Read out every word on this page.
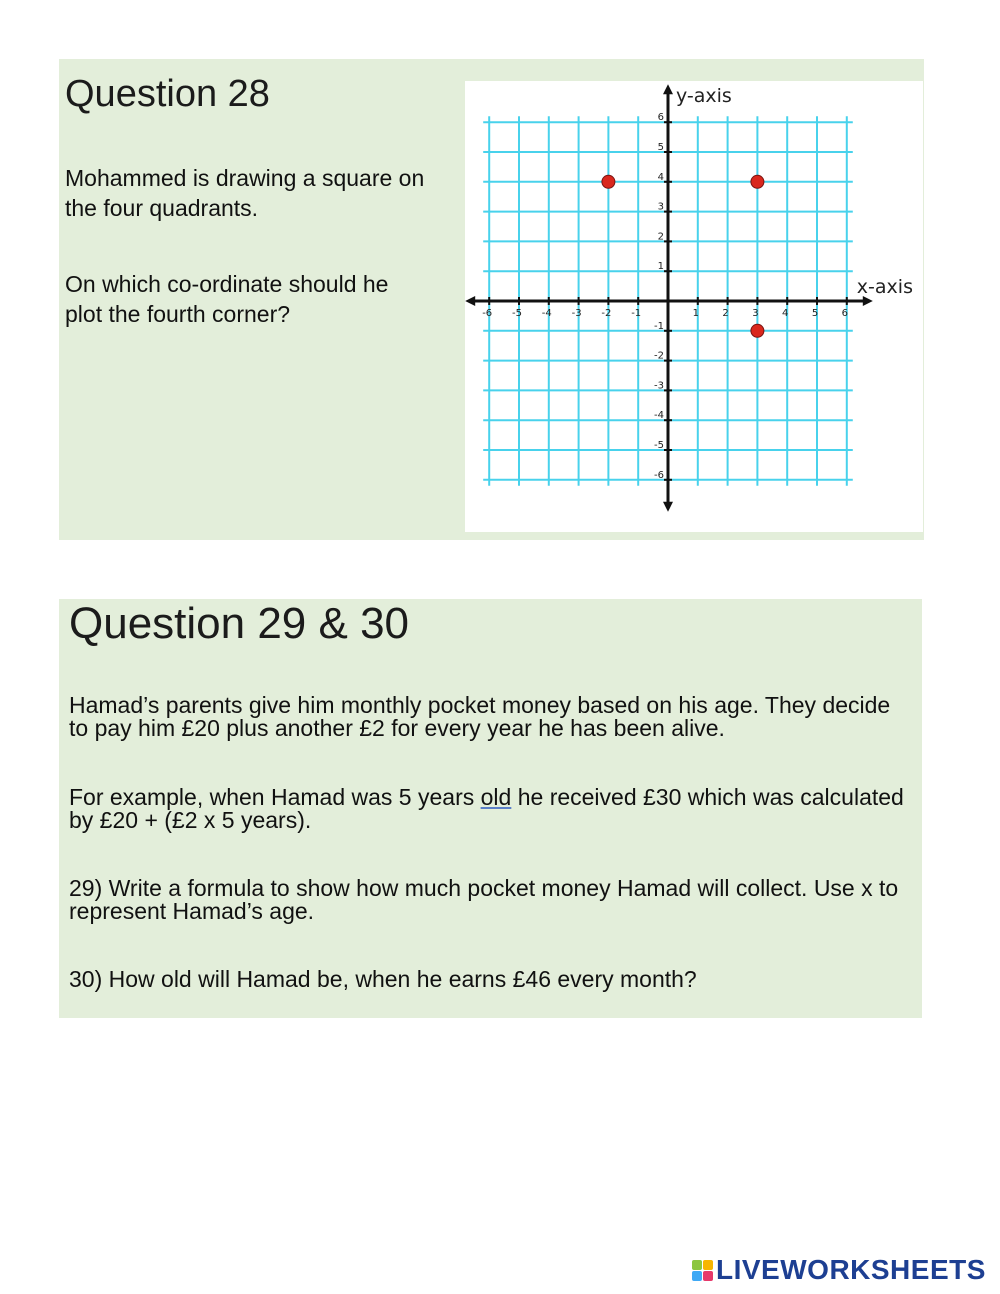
Question 28

Mohammed is drawing a square on the four quadrants.

On which co-ordinate should he plot the fourth corner?	-6 -5 -4 -3 -2 -1	1 2 3 4 5 6
6
5
4
3
2
1
-1
-2
-3
-4
-5
-6
x-axis
y-axis
Question 29 & 30

Hamad’s parents give him monthly pocket money based on his age. They decide to pay him £20 plus another £2 for every year he has been alive.

For example, when Hamad was 5 years old he received £30 which was calculated by £20 + (£2 x 5 years).

29) Write a formula to show how much pocket money Hamad will collect. Use x to represent Hamad’s age.

30) How old will Hamad be, when he earns £46 every month?

LIVEWORKSHEETS
